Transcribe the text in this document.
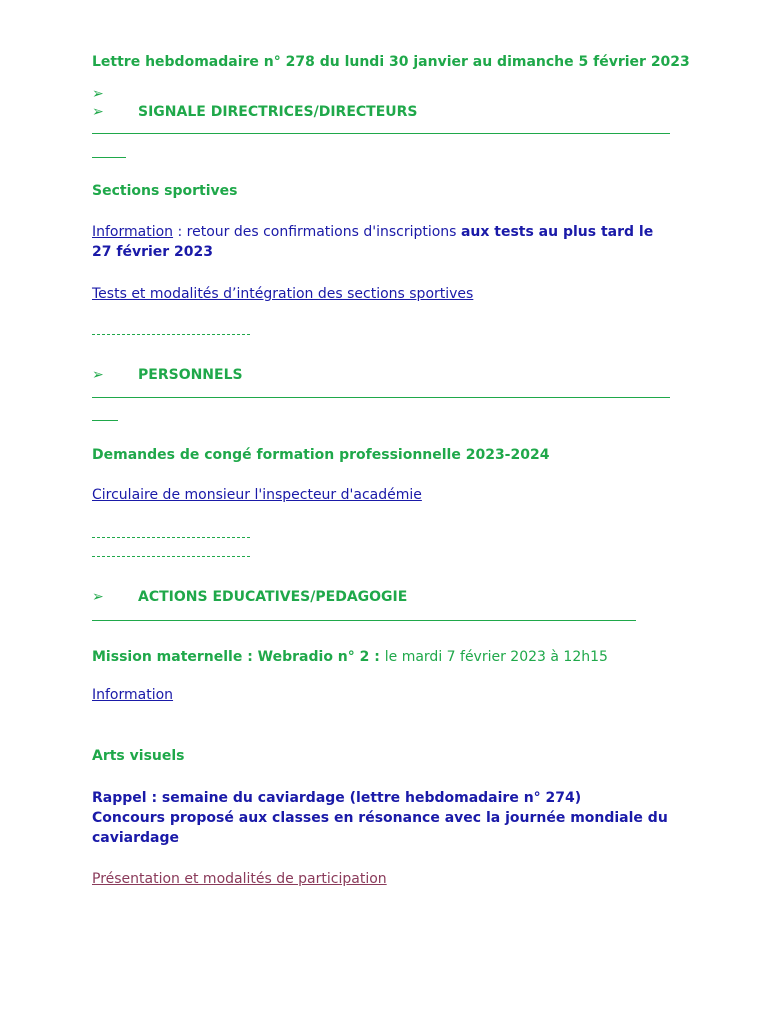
Lettre hebdomadaire n° 278 du lundi 30 janvier au dimanche 5 février 2023
➢
➢ SIGNALE DIRECTRICES/DIRECTEURS
Sections sportives
Information : retour des confirmations d'inscriptions aux tests au plus tard le
27 février 2023
Tests et modalités d’intégration des sections sportives
➢ PERSONNELS
Demandes de congé formation professionnelle 2023-2024
Circulaire de monsieur l'inspecteur d'académie
➢ ACTIONS EDUCATIVES/PEDAGOGIE
Mission maternelle : Webradio n° 2 : le mardi 7 février 2023 à 12h15
Information
Arts visuels
Rappel : semaine du caviardage (lettre hebdomadaire n° 274)
Concours proposé aux classes en résonance avec la journée mondiale du
caviardage
Présentation et modalités de participation
